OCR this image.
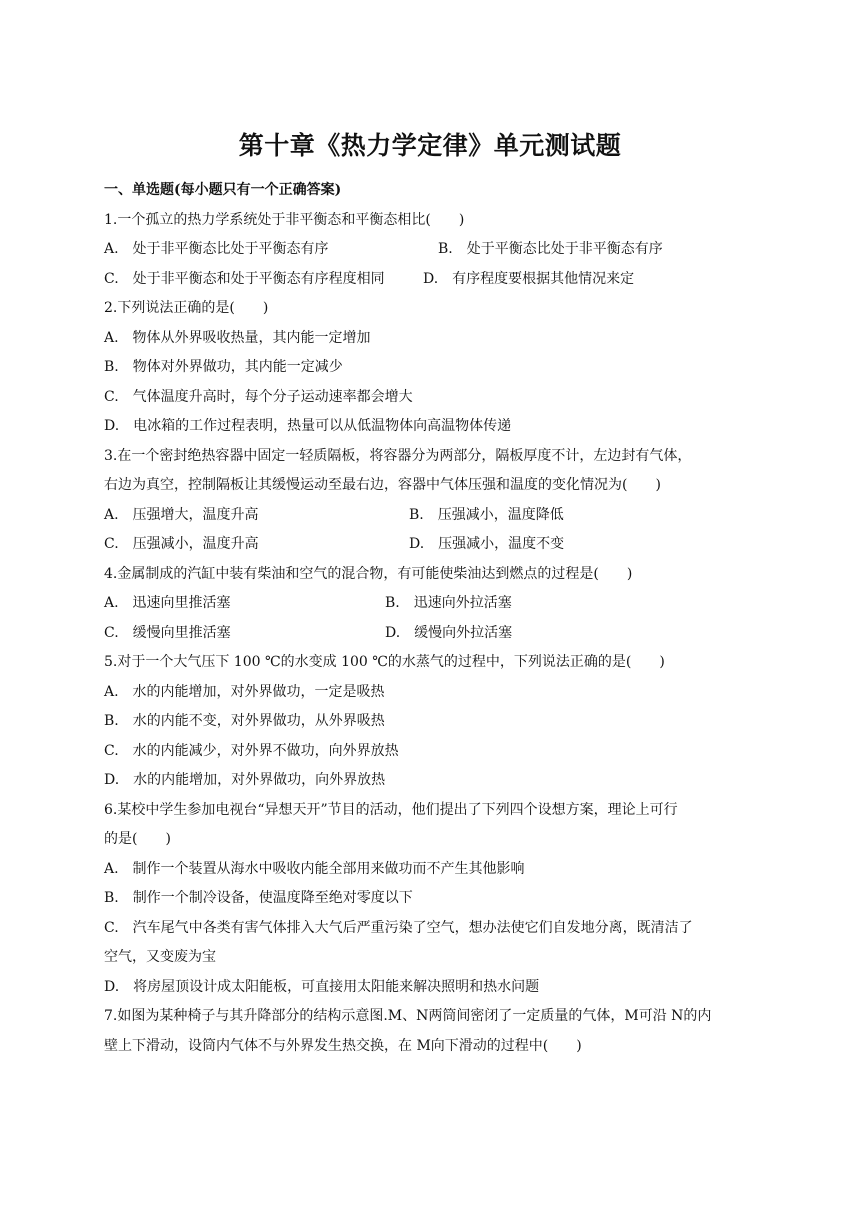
第十章《热力学定律》单元测试题
一、单选题(每小题只有一个正确答案)
1.一个孤立的热力学系统处于非平衡态和平衡态相比(　　)
A.　处于非平衡态比处于平衡态有序	B.　处于平衡态比处于非平衡态有序
C.　处于非平衡态和处于平衡态有序程度相同	D.　有序程度要根据其他情况来定
2.下列说法正确的是(　　)
A.　物体从外界吸收热量，其内能一定增加
B.　物体对外界做功，其内能一定减少
C.　气体温度升高时，每个分子运动速率都会增大
D.　电冰箱的工作过程表明，热量可以从低温物体向高温物体传递
3.在一个密封绝热容器中固定一轻质隔板，将容器分为两部分，隔板厚度不计，左边封有气体，
右边为真空，控制隔板让其缓慢运动至最右边，容器中气体压强和温度的变化情况为(　　)
A.　压强增大，温度升高	B.　压强减小，温度降低
C.　压强减小，温度升高	D.　压强减小，温度不变
4.金属制成的汽缸中装有柴油和空气的混合物，有可能使柴油达到燃点的过程是(　　)
A.　迅速向里推活塞	B.　迅速向外拉活塞
C.　缓慢向里推活塞	D.　缓慢向外拉活塞
5.对于一个大气压下 100 ℃的水变成 100 ℃的水蒸气的过程中，下列说法正确的是(　　)
A.　水的内能增加，对外界做功，一定是吸热
B.　水的内能不变，对外界做功，从外界吸热
C.　水的内能减少，对外界不做功，向外界放热
D.　水的内能增加，对外界做功，向外界放热
6.某校中学生参加电视台“异想天开”节目的活动，他们提出了下列四个设想方案，理论上可行
的是(　　)
A.　制作一个装置从海水中吸收内能全部用来做功而不产生其他影响
B.　制作一个制冷设备，使温度降至绝对零度以下
C.　汽车尾气中各类有害气体排入大气后严重污染了空气，想办法使它们自发地分离，既清洁了
空气，又变废为宝
D.　将房屋顶设计成太阳能板，可直接用太阳能来解决照明和热水问题
7.如图为某种椅子与其升降部分的结构示意图.M、N两筒间密闭了一定质量的气体，M可沿 N的内
壁上下滑动，设筒内气体不与外界发生热交换，在 M向下滑动的过程中(　　)
